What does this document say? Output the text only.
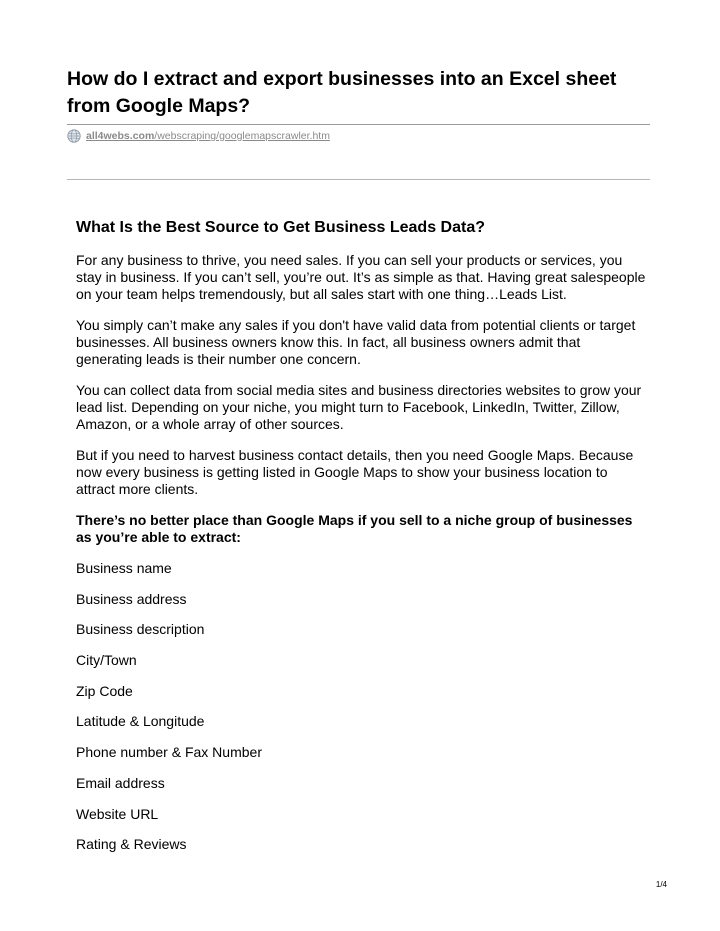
How do I extract and export businesses into an Excel sheet from Google Maps?
all4webs.com/webscraping/googlemapscrawler.htm
What Is the Best Source to Get Business Leads Data?

For any business to thrive, you need sales. If you can sell your products or services, you stay in business. If you can’t sell, you’re out. It’s as simple as that. Having great salespeople on your team helps tremendously, but all sales start with one thing…Leads List.

You simply can’t make any sales if you don't have valid data from potential clients or target businesses. All business owners know this. In fact, all business owners admit that generating leads is their number one concern.

You can collect data from social media sites and business directories websites to grow your lead list. Depending on your niche, you might turn to Facebook, LinkedIn, Twitter, Zillow, Amazon, or a whole array of other sources.

But if you need to harvest business contact details, then you need Google Maps. Because now every business is getting listed in Google Maps to show your business location to attract more clients.

There’s no better place than Google Maps if you sell to a niche group of businesses as you’re able to extract:

Business name
Business address
Business description
City/Town
Zip Code
Latitude & Longitude
Phone number & Fax Number
Email address
Website URL
Rating & Reviews
1/4
